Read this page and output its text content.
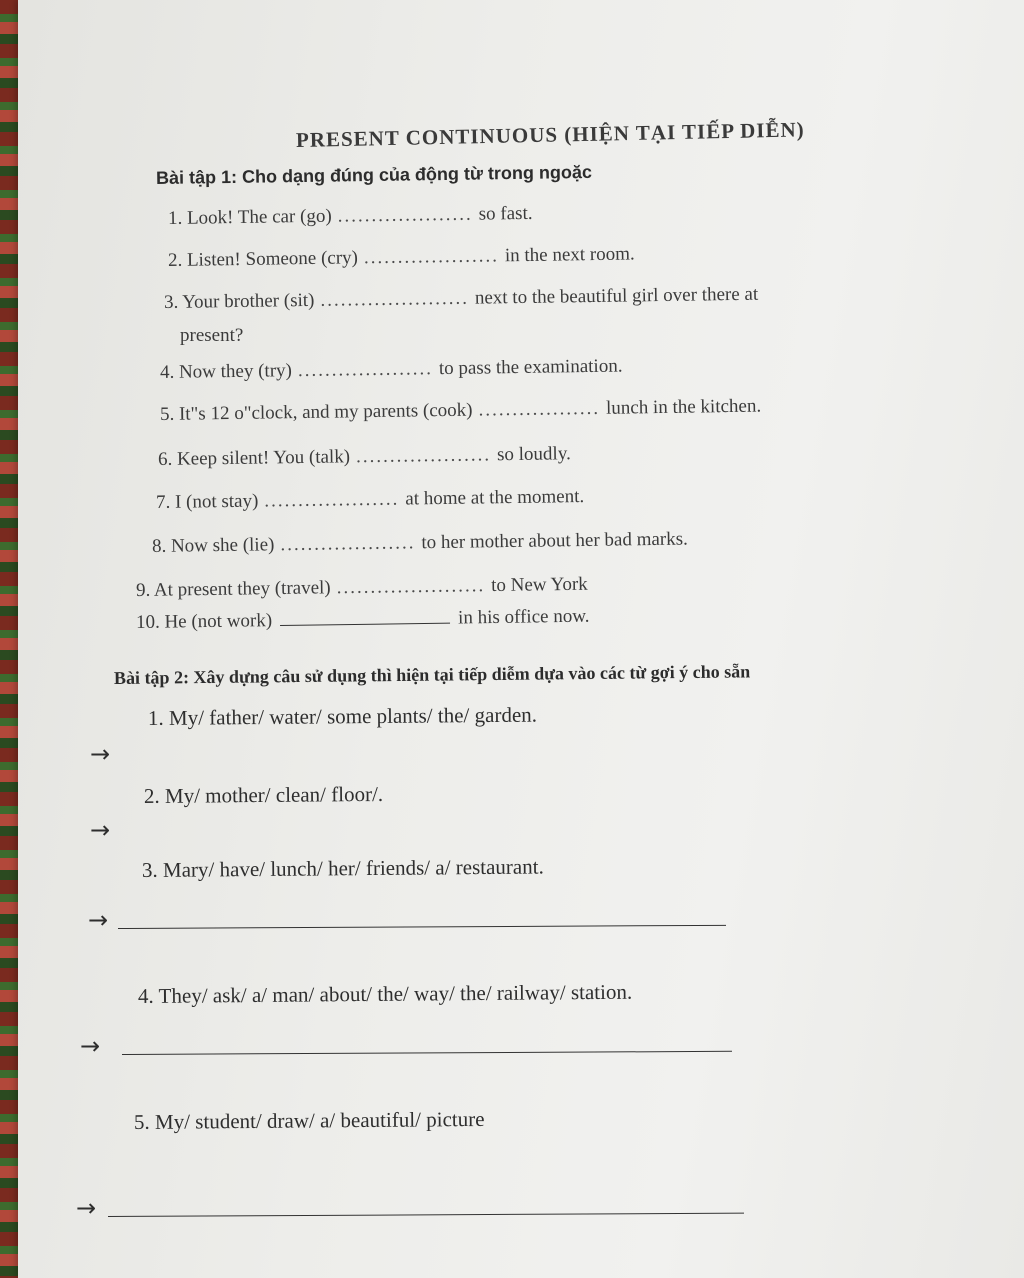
PRESENT CONTINUOUS (HIỆN TẠI TIẾP DIỄN)
Bài tập 1: Cho dạng đúng của động từ trong ngoặc
1. Look! The car (go) .................... so fast.
2. Listen! Someone (cry) .................... in the next room.
3. Your brother (sit) ...................... next to the beautiful girl over there at
present?
4. Now they (try) .................... to pass the examination.
5. It"s 12 o"clock, and my parents (cook) .................. lunch in the kitchen.
6. Keep silent! You (talk) .................... so loudly.
7. I (not stay) .................... at home at the moment.
8. Now she (lie) .................... to her mother about her bad marks.
9. At present they (travel) ...................... to New York
10. He (not work)	in his office now.
Bài tập 2: Xây dựng câu sử dụng thì hiện tại tiếp diễm dựa vào các từ gợi ý cho sẵn
1. My/ father/ water/ some plants/ the/ garden.
→
2. My/ mother/ clean/ floor/.
→
3. Mary/ have/ lunch/ her/ friends/ a/ restaurant.
→
4. They/ ask/ a/ man/ about/ the/ way/ the/ railway/ station.
→
5. My/ student/ draw/ a/ beautiful/ picture
→
